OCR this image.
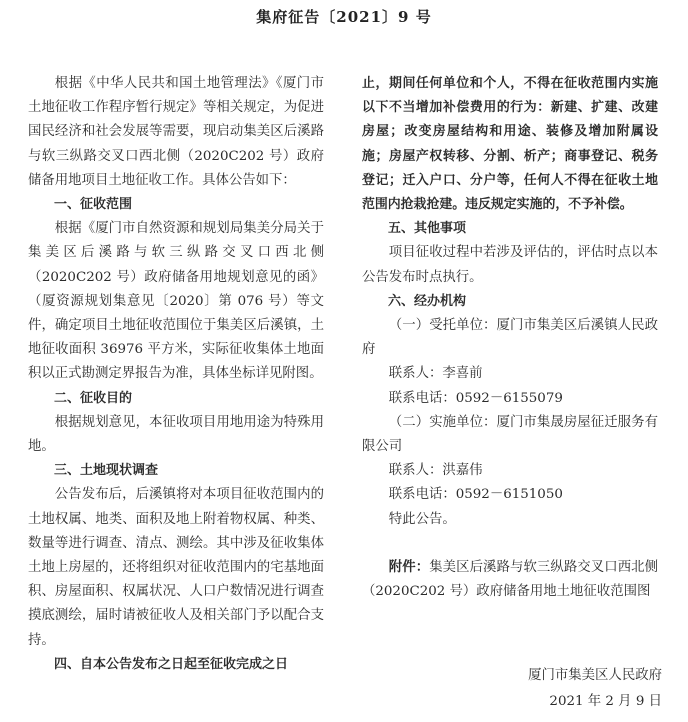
集府征告〔2021〕9 号

根据《中华人民共和国土地管理法》《厦门市土地征收工作程序暂行规定》等相关规定，为促进国民经济和社会发展等需要，现启动集美区后溪路与软三纵路交叉口西北侧（2020C202 号）政府储备用地项目土地征收工作。具体公告如下：

一、征收范围

根据《厦门市自然资源和规划局集美分局关于集美区后溪路与软三纵路交叉口西北侧（2020C202 号）政府储备用地规划意见的函》（厦资源规划集意见〔2020〕第 076 号）等文件，确定项目土地征收范围位于集美区后溪镇，土地征收面积 36976 平方米，实际征收集体土地面积以正式勘测定界报告为准，具体坐标详见附图。

二、征收目的

根据规划意见，本征收项目用地用途为特殊用地。

三、土地现状调查

公告发布后，后溪镇将对本项目征收范围内的土地权属、地类、面积及地上附着物权属、种类、数量等进行调查、清点、测绘。其中涉及征收集体土地上房屋的，还将组织对征收范围内的宅基地面积、房屋面积、权属状况、人口户数情况进行调查摸底测绘，届时请被征收人及相关部门予以配合支持。

四、自本公告发布之日起至征收完成之日

止，期间任何单位和个人，不得在征收范围内实施以下不当增加补偿费用的行为：新建、扩建、改建房屋；改变房屋结构和用途、装修及增加附属设施；房屋产权转移、分割、析产；商事登记、税务登记；迁入户口、分户等，任何人不得在征收土地范围内抢栽抢建。违反规定实施的，不予补偿。

五、其他事项

项目征收过程中若涉及评估的，评估时点以本公告发布时点执行。

六、经办机构

（一）受托单位：厦门市集美区后溪镇人民政府

联系人：李喜前

联系电话：0592－6155079

（二）实施单位：厦门市集晟房屋征迁服务有限公司

联系人：洪嘉伟

联系电话：0592－6151050

特此公告。

附件：集美区后溪路与软三纵路交叉口西北侧（2020C202 号）政府储备用地土地征收范围图

厦门市集美区人民政府
2021 年 2 月 9 日
